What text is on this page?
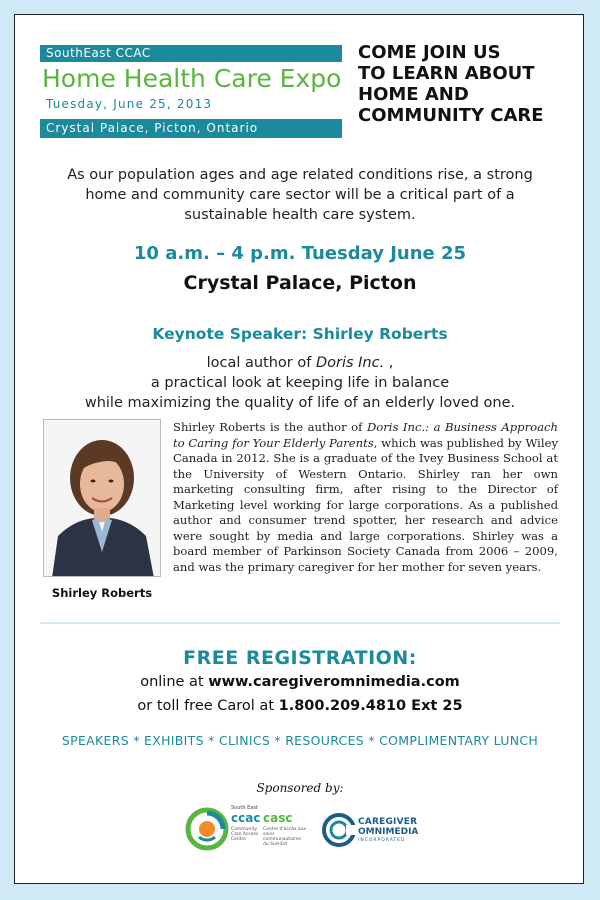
SouthEast CCAC
Home Health Care Expo
Tuesday, June 25, 2013
Crystal Palace, Picton, Ontario
COME JOIN US
TO LEARN ABOUT
HOME AND
COMMUNITY CARE
As our population ages and age related conditions rise, a strong home and community care sector will be a critical part of a sustainable health care system.
10 a.m. – 4 p.m. Tuesday June 25
Crystal Palace, Picton
Keynote Speaker: Shirley Roberts
local author of Doris Inc. ,
a practical look at keeping life in balance
while maximizing the quality of life of an elderly loved one.
Shirley Roberts
Shirley Roberts is the author of Doris Inc.: a Business Approach to Caring for Your Elderly Parents, which was published by Wiley Canada in 2012. She is a graduate of the Ivey Business School at the University of Western Ontario. Shirley ran her own marketing consulting firm, after rising to the Director of Marketing level working for large corporations. As a published author and consumer trend spotter, her research and advice were sought by media and large corporations. Shirley was a board member of Parkinson Society Canada from 2006 – 2009, and was the primary caregiver for her mother for seven years.
FREE REGISTRATION:
online at www.caregiveromnimedia.com
or toll free Carol at 1.800.209.4810 Ext 25
SPEAKERS * EXHIBITS * CLINICS * RESOURCES * COMPLIMENTARY LUNCH
Sponsored by:
South East
ccac casc
Community Care Access Centre
Centre d'accès aux soins communautaires du Sud-Est
CAREGIVER
OMNIMEDIA
INCORPORATED
